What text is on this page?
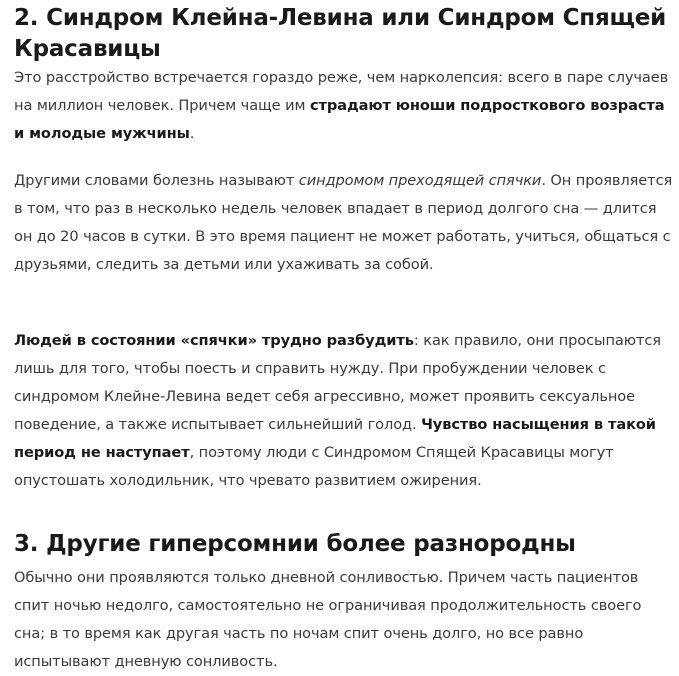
2. Синдром Клейна-Левина или Синдром Спящей Красавицы

Это расстройство встречается гораздо реже, чем нарколепсия: всего в паре случаев на миллион человек. Причем чаще им страдают юноши подросткового возраста и молодые мужчины.

Другими словами болезнь называют синдромом преходящей спячки. Он проявляется в том, что раз в несколько недель человек впадает в период долгого сна — длится он до 20 часов в сутки. В это время пациент не может работать, учиться, общаться с друзьями, следить за детьми или ухаживать за собой.

Людей в состоянии «спячки» трудно разбудить: как правило, они просыпаются лишь для того, чтобы поесть и справить нужду. При пробуждении человек с синдромом Клейне-Левина ведет себя агрессивно, может проявить сексуальное поведение, а также испытывает сильнейший голод. Чувство насыщения в такой период не наступает, поэтому люди с Синдромом Спящей Красавицы могут опустошать холодильник, что чревато развитием ожирения.

3. Другие гиперсомнии более разнородны

Обычно они проявляются только дневной сонливостью. Причем часть пациентов спит ночью недолго, самостоятельно не ограничивая продолжительность своего сна; в то время как другая часть по ночам спит очень долго, но все равно испытывают дневную сонливость.
